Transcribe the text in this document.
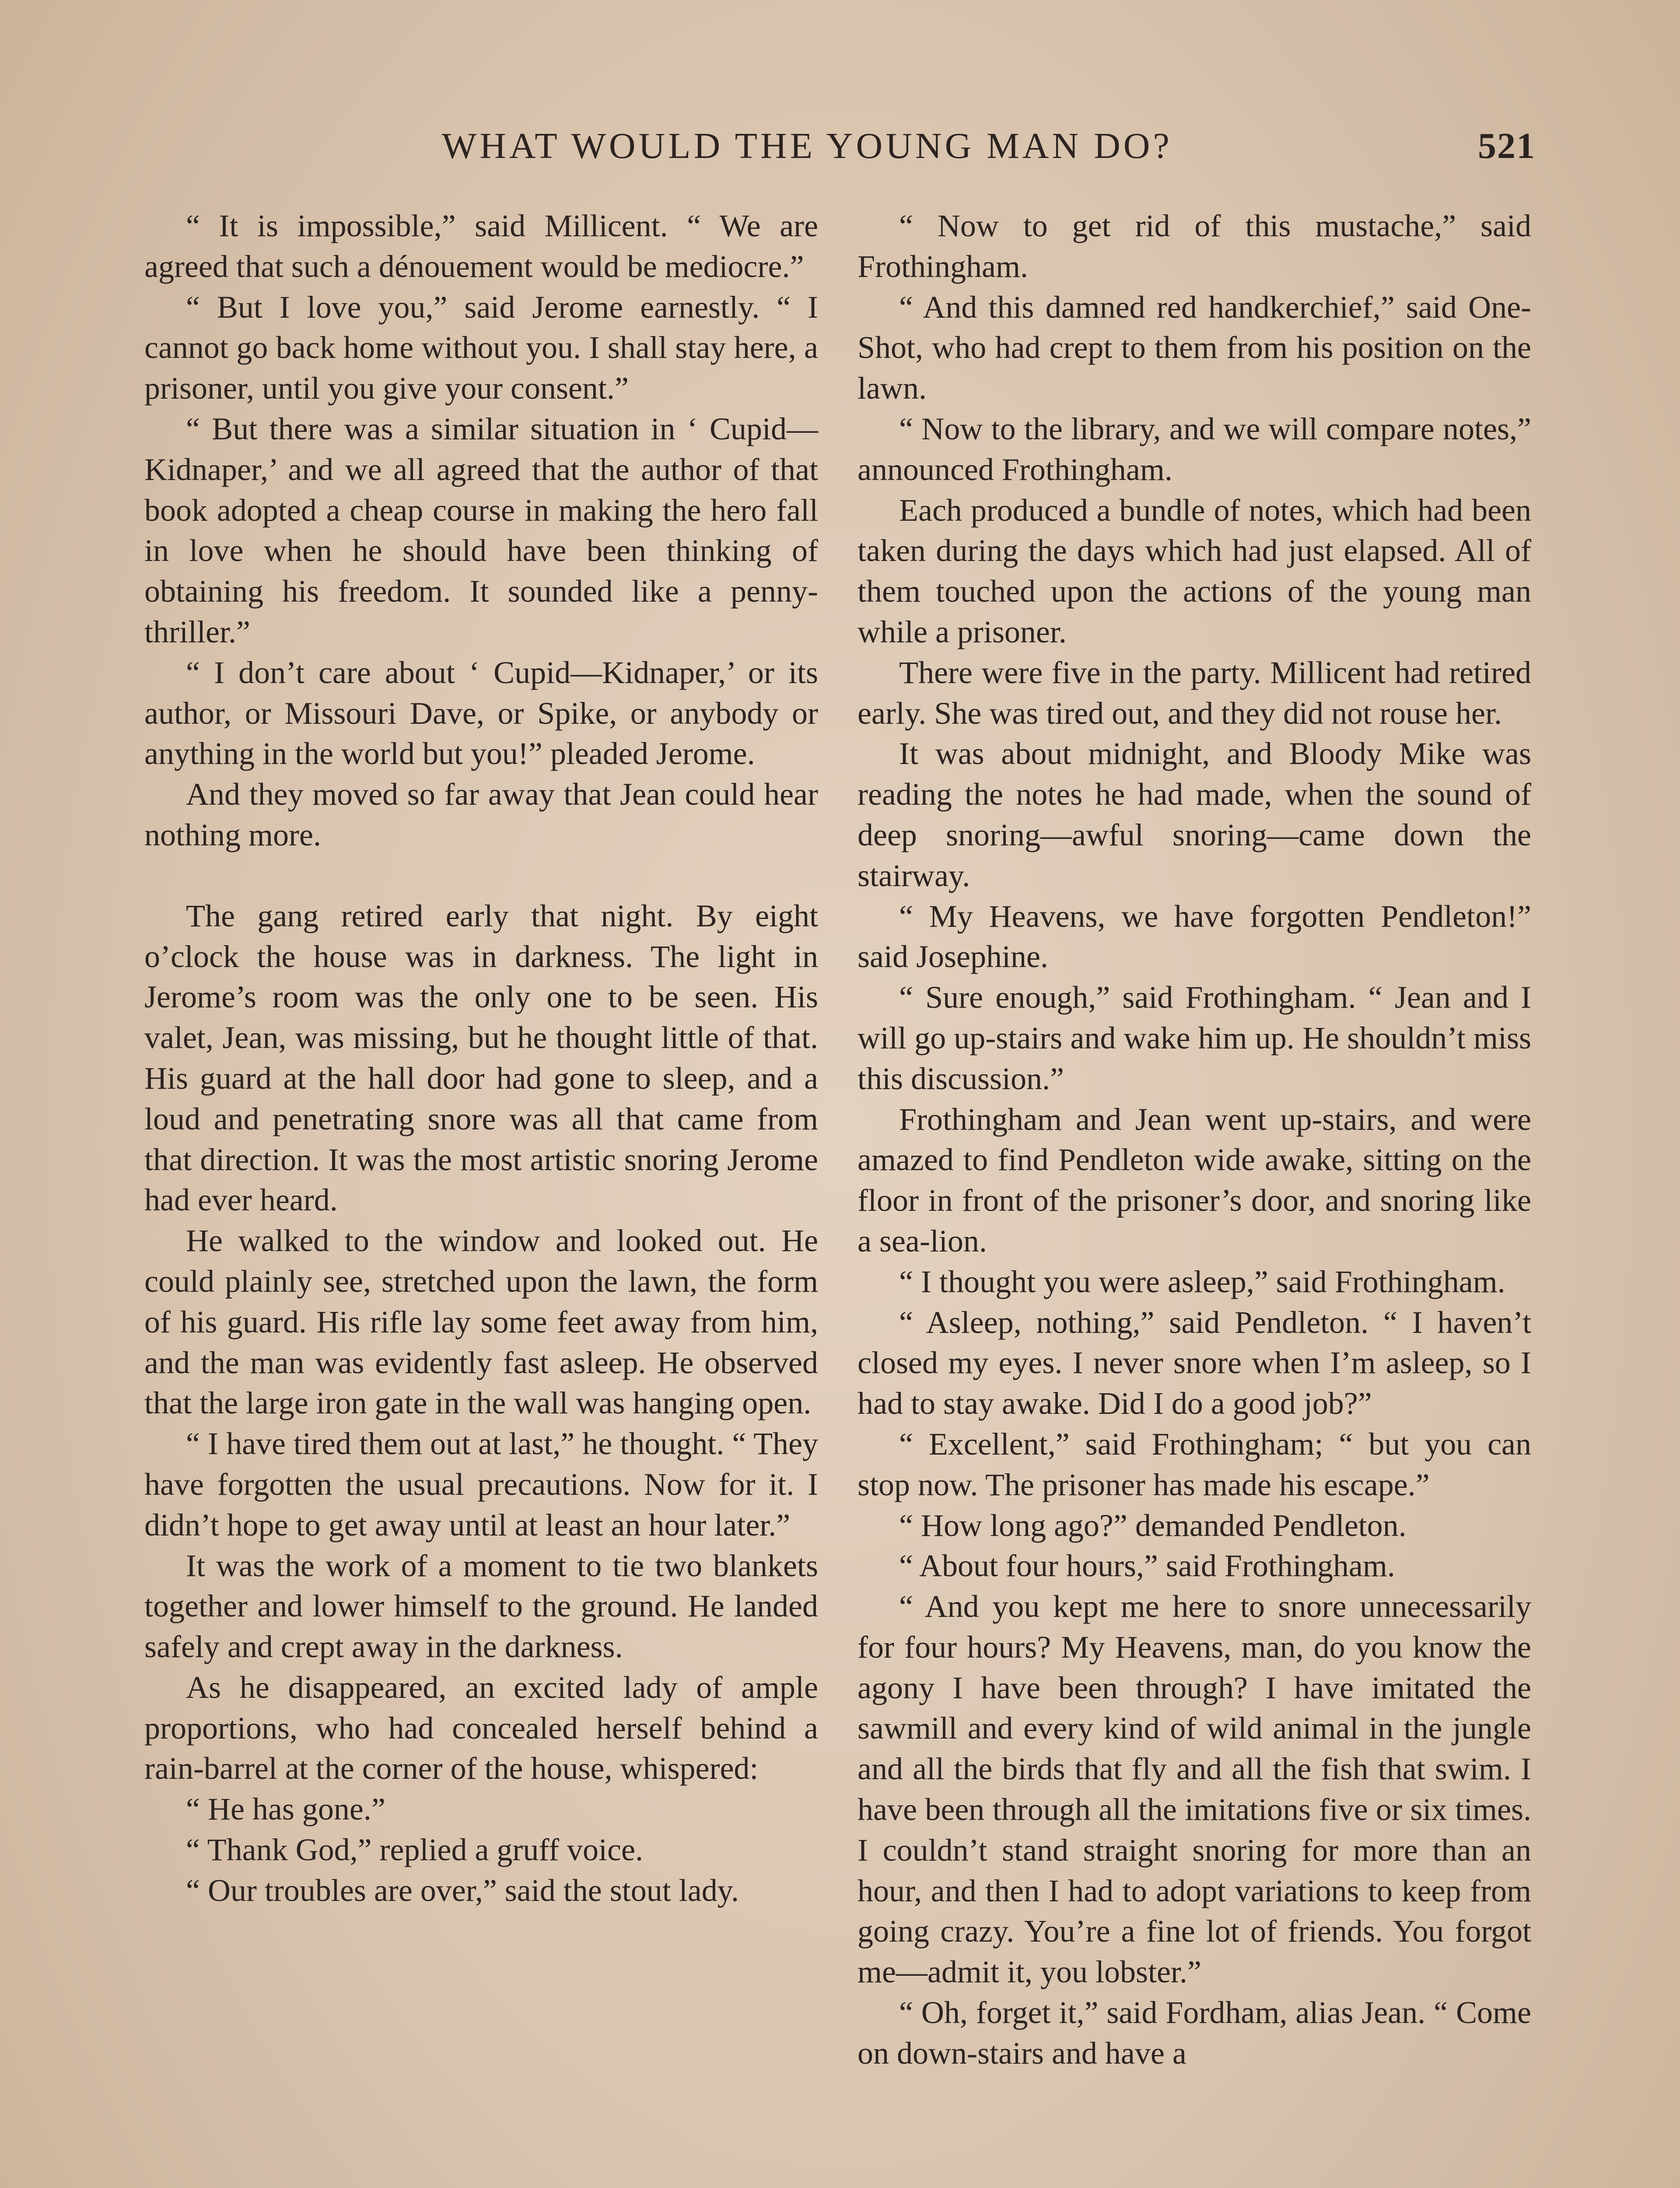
WHAT WOULD THE YOUNG MAN DO?	521

“ It is impossible,” said Millicent. “ We are agreed that such a dénouement would be mediocre.”

“ But I love you,” said Jerome earnestly. “ I cannot go back home without you. I shall stay here, a prisoner, until you give your consent.”

“ But there was a similar situation in ‘ Cupid—Kidnaper,’ and we all agreed that the author of that book adopted a cheap course in making the hero fall in love when he should have been thinking of obtaining his freedom. It sounded like a penny-thriller.”

“ I don’t care about ‘ Cupid—Kidnaper,’ or its author, or Missouri Dave, or Spike, or anybody or anything in the world but you!” pleaded Jerome.

And they moved so far away that Jean could hear nothing more.

The gang retired early that night. By eight o’clock the house was in darkness. The light in Jerome’s room was the only one to be seen. His valet, Jean, was missing, but he thought little of that. His guard at the hall door had gone to sleep, and a loud and penetrating snore was all that came from that direction. It was the most artistic snoring Jerome had ever heard.

He walked to the window and looked out. He could plainly see, stretched upon the lawn, the form of his guard. His rifle lay some feet away from him, and the man was evidently fast asleep. He observed that the large iron gate in the wall was hanging open.

“ I have tired them out at last,” he thought. “ They have forgotten the usual precautions. Now for it. I didn’t hope to get away until at least an hour later.”

It was the work of a moment to tie two blankets together and lower himself to the ground. He landed safely and crept away in the darkness.

As he disappeared, an excited lady of ample proportions, who had concealed herself behind a rain-barrel at the corner of the house, whispered:

“ He has gone.”

“ Thank God,” replied a gruff voice.

“ Our troubles are over,” said the stout lady.

“ Now to get rid of this mustache,” said Frothingham.

“ And this damned red handkerchief,” said One-Shot, who had crept to them from his position on the lawn.

“ Now to the library, and we will compare notes,” announced Frothingham.

Each produced a bundle of notes, which had been taken during the days which had just elapsed. All of them touched upon the actions of the young man while a prisoner.

There were five in the party. Millicent had retired early. She was tired out, and they did not rouse her.

It was about midnight, and Bloody Mike was reading the notes he had made, when the sound of deep snoring—awful snoring—came down the stairway.

“ My Heavens, we have forgotten Pendleton!” said Josephine.

“ Sure enough,” said Frothingham. “ Jean and I will go up-stairs and wake him up. He shouldn’t miss this discussion.”

Frothingham and Jean went up-stairs, and were amazed to find Pendleton wide awake, sitting on the floor in front of the prisoner’s door, and snoring like a sea-lion.

“ I thought you were asleep,” said Frothingham.

“ Asleep, nothing,” said Pendleton. “ I haven’t closed my eyes. I never snore when I’m asleep, so I had to stay awake. Did I do a good job?”

“ Excellent,” said Frothingham; “ but you can stop now. The prisoner has made his escape.”

“ How long ago?” demanded Pendleton.

“ About four hours,” said Frothingham.

“ And you kept me here to snore unnecessarily for four hours? My Heavens, man, do you know the agony I have been through? I have imitated the sawmill and every kind of wild animal in the jungle and all the birds that fly and all the fish that swim. I have been through all the imitations five or six times. I couldn’t stand straight snoring for more than an hour, and then I had to adopt variations to keep from going crazy. You’re a fine lot of friends. You forgot me—admit it, you lobster.”

“ Oh, forget it,” said Fordham, alias Jean. “ Come on down-stairs and have a
